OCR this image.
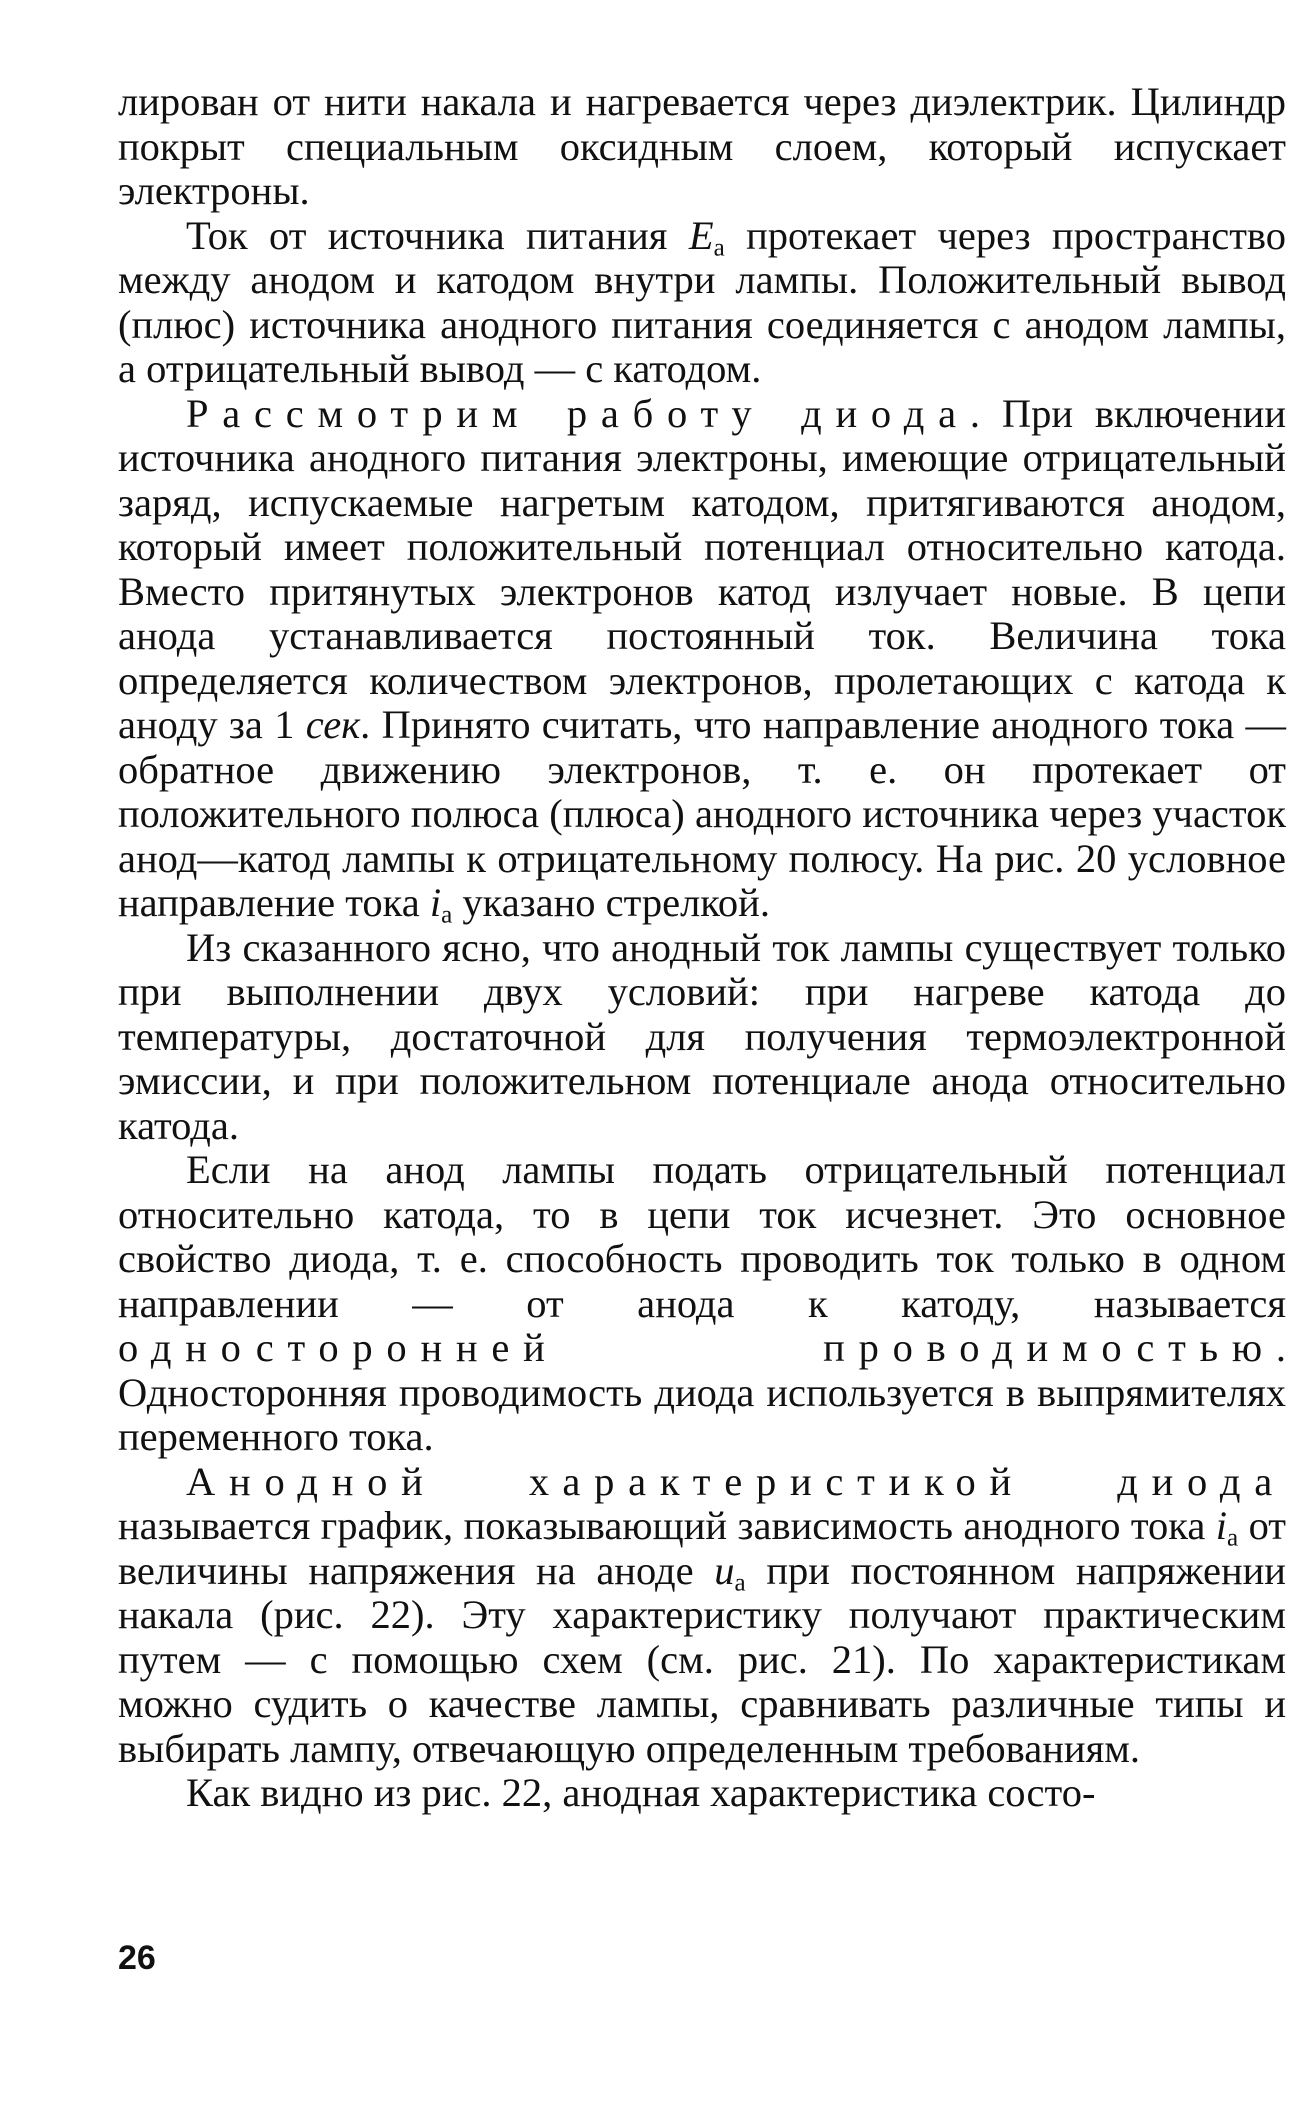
лирован от нити накала и нагревается через диэлектрик. Цилиндр покрыт специальным оксидным слоем, который испускает электроны.

Ток от источника питания $E_а$ протекает через пространство между анодом и катодом внутри лампы. Положительный вывод (плюс) источника анодного питания соединяется с анодом лампы, а отрицательный вывод — с катодом.

Рассмотрим работу диода. При включении источника анодного питания электроны, имеющие отрицательный заряд, испускаемые нагретым катодом, притягиваются анодом, который имеет положительный потенциал относительно катода. Вместо притянутых электронов катод излучает новые. В цепи анода устанавливается постоянный ток. Величина тока определяется количеством электронов, пролетающих с катода к аноду за 1 сек. Принято считать, что направление анодного тока — обратное движению электронов, т. е. он протекает от положительного полюса (плюса) анодного источника через участок анод—катод лампы к отрицательному полюсу. На рис. 20 условное направление тока $i_а$ указано стрелкой.

Из сказанного ясно, что анодный ток лампы существует только при выполнении двух условий: при нагреве катода до температуры, достаточной для получения термоэлектронной эмиссии, и при положительном потенциале анода относительно катода.

Если на анод лампы подать отрицательный потенциал относительно катода, то в цепи ток исчезнет. Это основное свойство диода, т. е. способность проводить ток только в одном направлении — от анода к катоду, называется односторонней проводимостью. Односторонняя проводимость диода используется в выпрямителях переменного тока.

Анодной характеристикой диода называется график, показывающий зависимость анодного тока $i_а$ от величины напряжения на аноде $u_а$ при постоянном напряжении накала (рис. 22). Эту характеристику получают практическим путем — с помощью схем (см. рис. 21). По характеристикам можно судить о качестве лампы, сравнивать различные типы и выбирать лампу, отвечающую определенным требованиям.

Как видно из рис. 22, анодная характеристика состо-

26
